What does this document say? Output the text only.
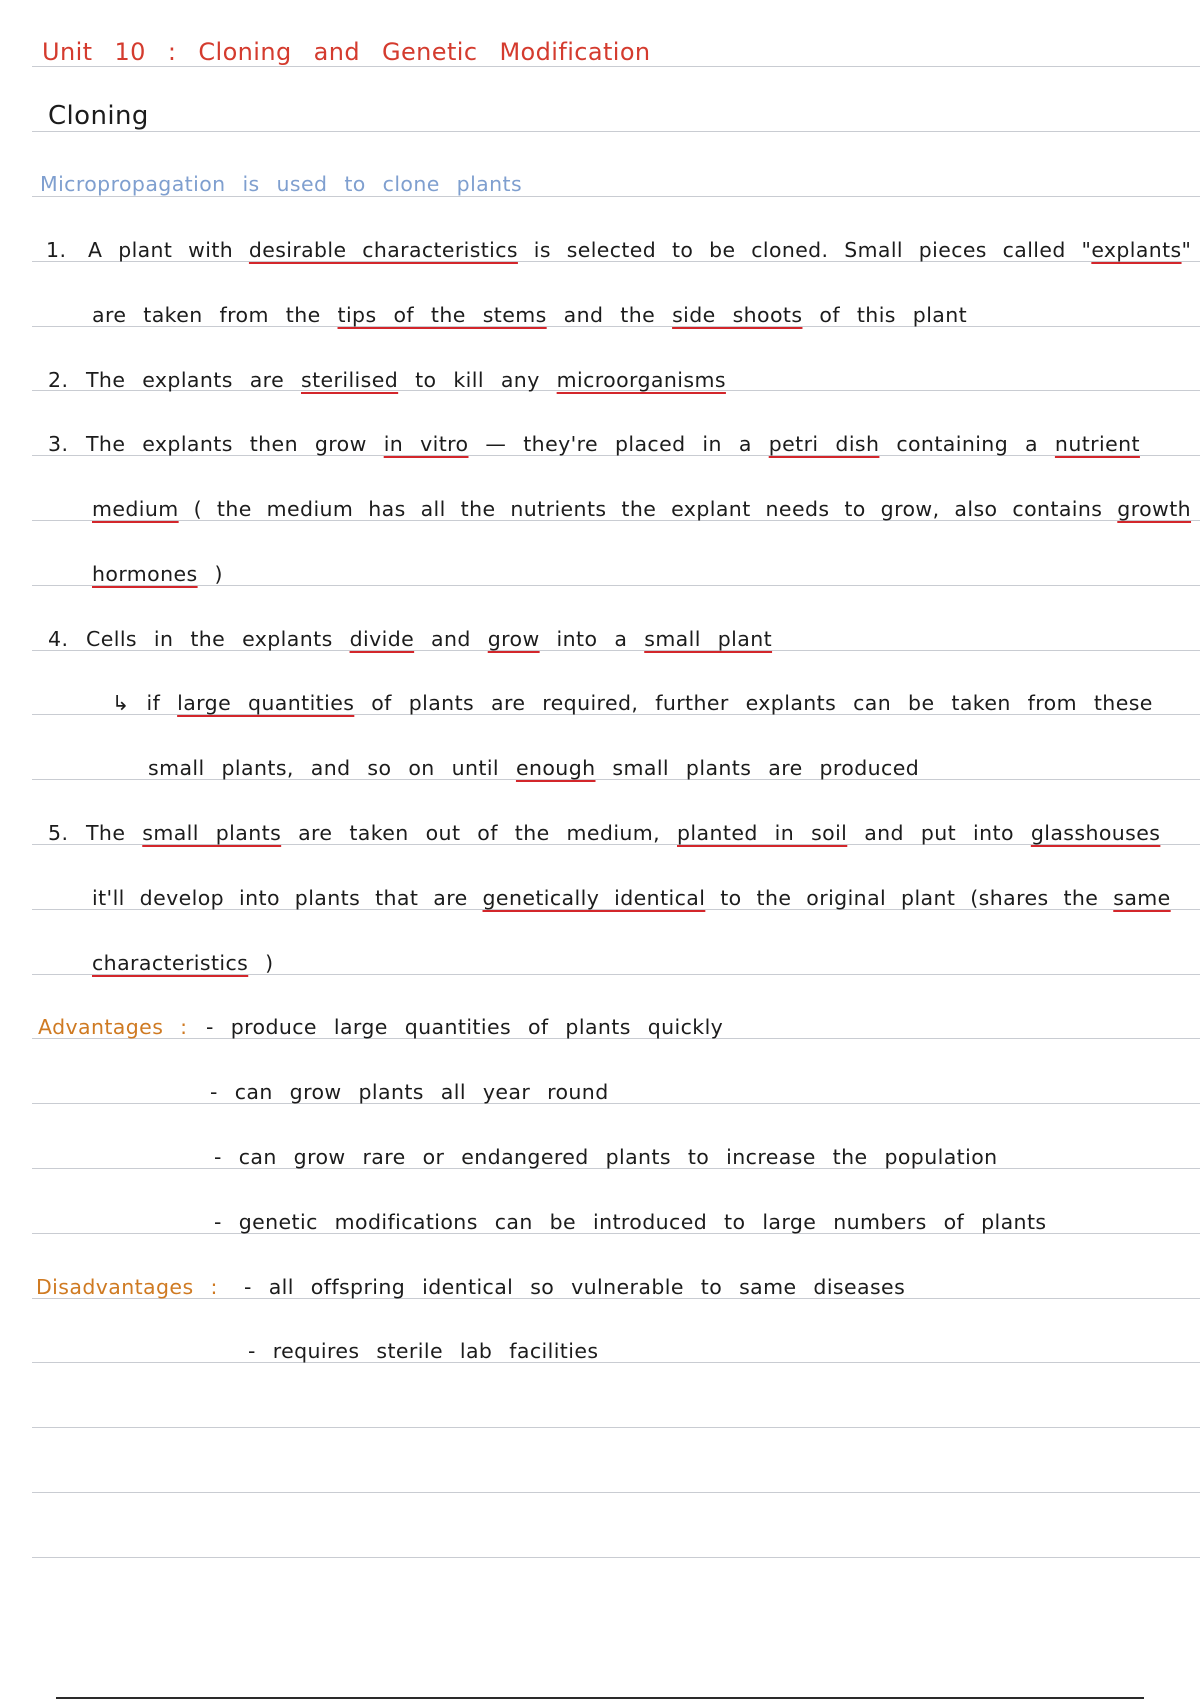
Unit 10 : Cloning and Genetic Modification
Cloning
Micropropagation is used to clone plants
1. A plant with desirable characteristics is selected to be cloned. Small pieces called "explants"
are taken from the tips of the stems and the side shoots of this plant
2. The explants are sterilised to kill any microorganisms
3. The explants then grow in vitro — they're placed in a petri dish containing a nutrient
medium ( the medium has all the nutrients the explant needs to grow, also contains growth
hormones )
4. Cells in the explants divide and grow into a small plant
↳ if large quantities of plants are required, further explants can be taken from these
small plants, and so on until enough small plants are produced
5. The small plants are taken out of the medium, planted in soil and put into glasshouses
it'll develop into plants that are genetically identical to the original plant (shares the same
characteristics )
Advantages : - produce large quantities of plants quickly
- can grow plants all year round
- can grow rare or endangered plants to increase the population
- genetic modifications can be introduced to large numbers of plants
Disadvantages : - all offspring identical so vulnerable to same diseases
- requires sterile lab facilities
